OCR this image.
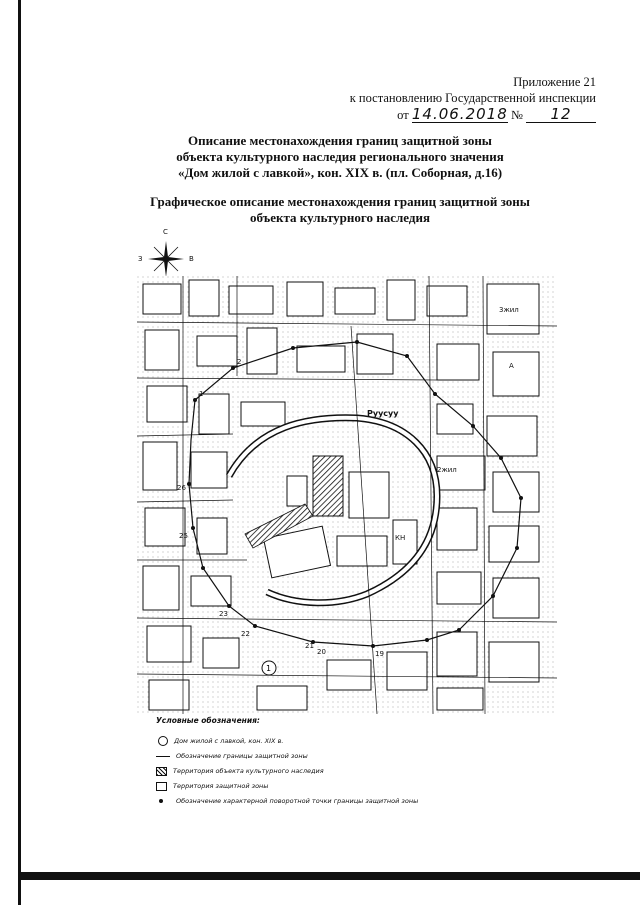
Приложение 21
к постановлению Государственной инспекции
от 14.06.2018 № 12
Описание местонахождения границ защитной зоны
объекта культурного наследия регионального значения
«Дом жилой с лавкой», кон. XIX в. (пл. Соборная, д.16)
Графическое описание местонахождения границ защитной зоны
объекта культурного наследия
С
З	В
1
Руусуу
2жил
КН
А
3жил
1
2
19
20
21
22
23
25
26
Условные обозначения:
Дом жилой с лавкой, кон. XIX в.
Обозначение границы защитной зоны
Территория объекта культурного наследия
Территория защитной зоны
Обозначение характерной поворотной точки границы защитной зоны
